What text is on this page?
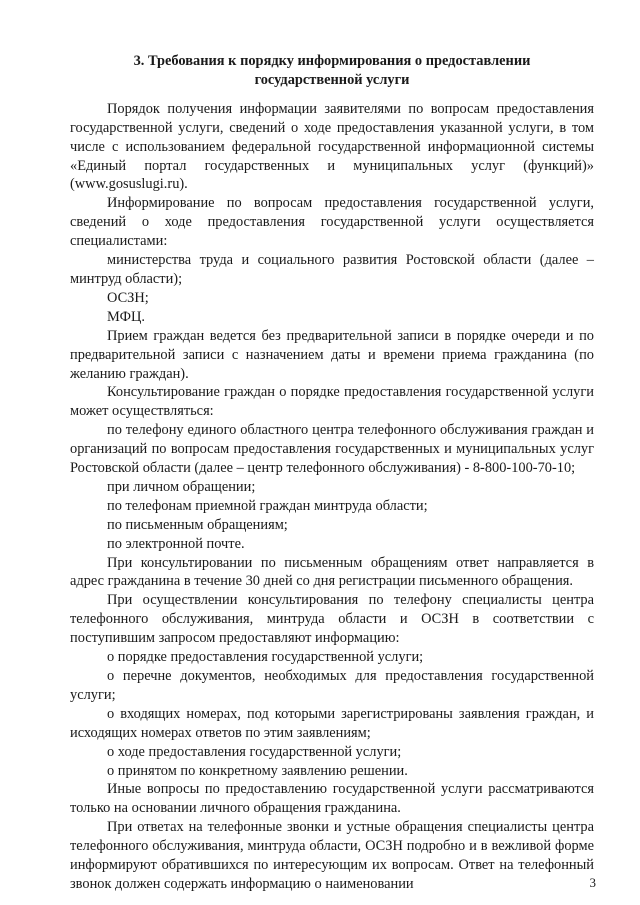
3. Требования к порядку информирования о предоставлении
государственной услуги

Порядок получения информации заявителями по вопросам предоставления государственной услуги, сведений о ходе предоставления указанной услуги, в том числе с использованием федеральной государственной информационной системы «Единый портал государственных и муниципальных услуг (функций)» (www.gosuslugi.ru).

Информирование по вопросам предоставления государственной услуги, сведений о ходе предоставления государственной услуги осуществляется специалистами:

министерства труда и социального развития Ростовской области (далее – минтруд области);

ОСЗН;

МФЦ.

Прием граждан ведется без предварительной записи в порядке очереди и по предварительной записи с назначением даты и времени приема гражданина (по желанию граждан).

Консультирование граждан о порядке предоставления государственной услуги может осуществляться:

по телефону единого областного центра телефонного обслуживания граждан и организаций по вопросам предоставления государственных и муниципальных услуг Ростовской области (далее – центр телефонного обслуживания) - 8-800-100-70-10;

при личном обращении;

по телефонам приемной граждан минтруда области;

по письменным обращениям;

по электронной почте.

При консультировании по письменным обращениям ответ направляется в адрес гражданина в течение 30 дней со дня регистрации письменного обращения.

При осуществлении консультирования по телефону специалисты центра телефонного обслуживания, минтруда области и ОСЗН в соответствии с поступившим запросом предоставляют информацию:

о порядке предоставления государственной услуги;

о перечне документов, необходимых для предоставления государственной услуги;

о входящих номерах, под которыми зарегистрированы заявления граждан, и исходящих номерах ответов по этим заявлениям;

о ходе предоставления государственной услуги;

о принятом по конкретному заявлению решении.

Иные вопросы по предоставлению государственной услуги рассматриваются только на основании личного обращения гражданина.

При ответах на телефонные звонки и устные обращения специалисты центра телефонного обслуживания, минтруда области, ОСЗН подробно и в вежливой форме информируют обратившихся по интересующим их вопросам. Ответ на телефонный звонок должен содержать информацию о наименовании	3
